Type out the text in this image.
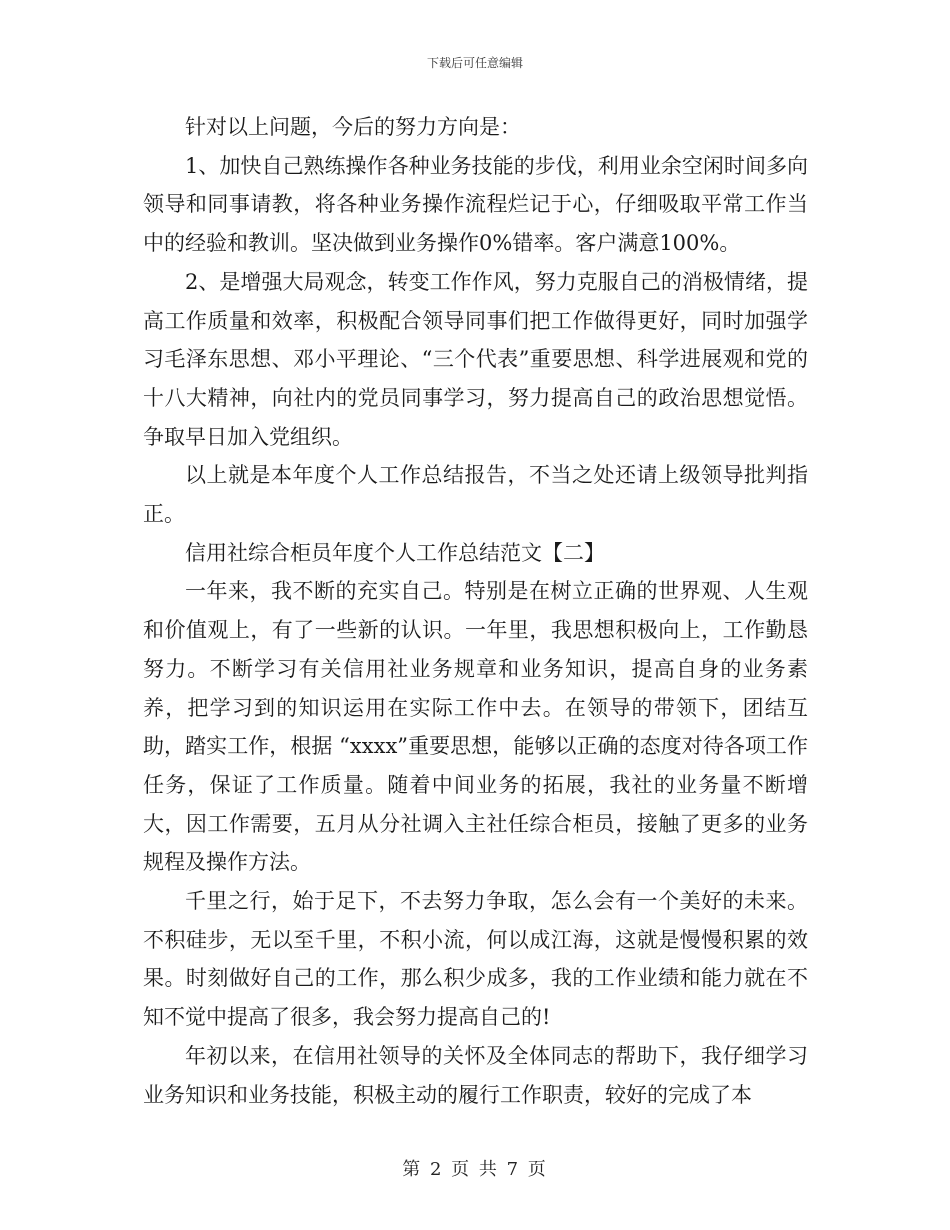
下载后可任意编辑

针对以上问题，今后的努力方向是：

1、加快自己熟练操作各种业务技能的步伐，利用业余空闲时间多向领导和同事请教，将各种业务操作流程烂记于心，仔细吸取平常工作当中的经验和教训。坚决做到业务操作0%错率。客户满意100%。

2、是增强大局观念，转变工作作风，努力克服自己的消极情绪，提高工作质量和效率，积极配合领导同事们把工作做得更好，同时加强学习毛泽东思想、邓小平理论、“三个代表”重要思想、科学进展观和党的十八大精神，向社内的党员同事学习，努力提高自己的政治思想觉悟。争取早日加入党组织。

以上就是本年度个人工作总结报告，不当之处还请上级领导批判指正。

信用社综合柜员年度个人工作总结范文【二】

一年来，我不断的充实自己。特别是在树立正确的世界观、人生观和价值观上，有了一些新的认识。一年里，我思想积极向上，工作勤恳努力。不断学习有关信用社业务规章和业务知识，提高自身的业务素养，把学习到的知识运用在实际工作中去。在领导的带领下，团结互助，踏实工作，根据 “xxxx”重要思想，能够以正确的态度对待各项工作任务，保证了工作质量。随着中间业务的拓展，我社的业务量不断增大，因工作需要，五月从分社调入主社任综合柜员，接触了更多的业务规程及操作方法。

千里之行，始于足下，不去努力争取，怎么会有一个美好的未来。不积硅步，无以至千里，不积小流，何以成江海，这就是慢慢积累的效果。时刻做好自己的工作，那么积少成多，我的工作业绩和能力就在不知不觉中提高了很多，我会努力提高自己的!

年初以来，在信用社领导的关怀及全体同志的帮助下，我仔细学习业务知识和业务技能，积极主动的履行工作职责，较好的完成了本

第 2 页 共 7 页
